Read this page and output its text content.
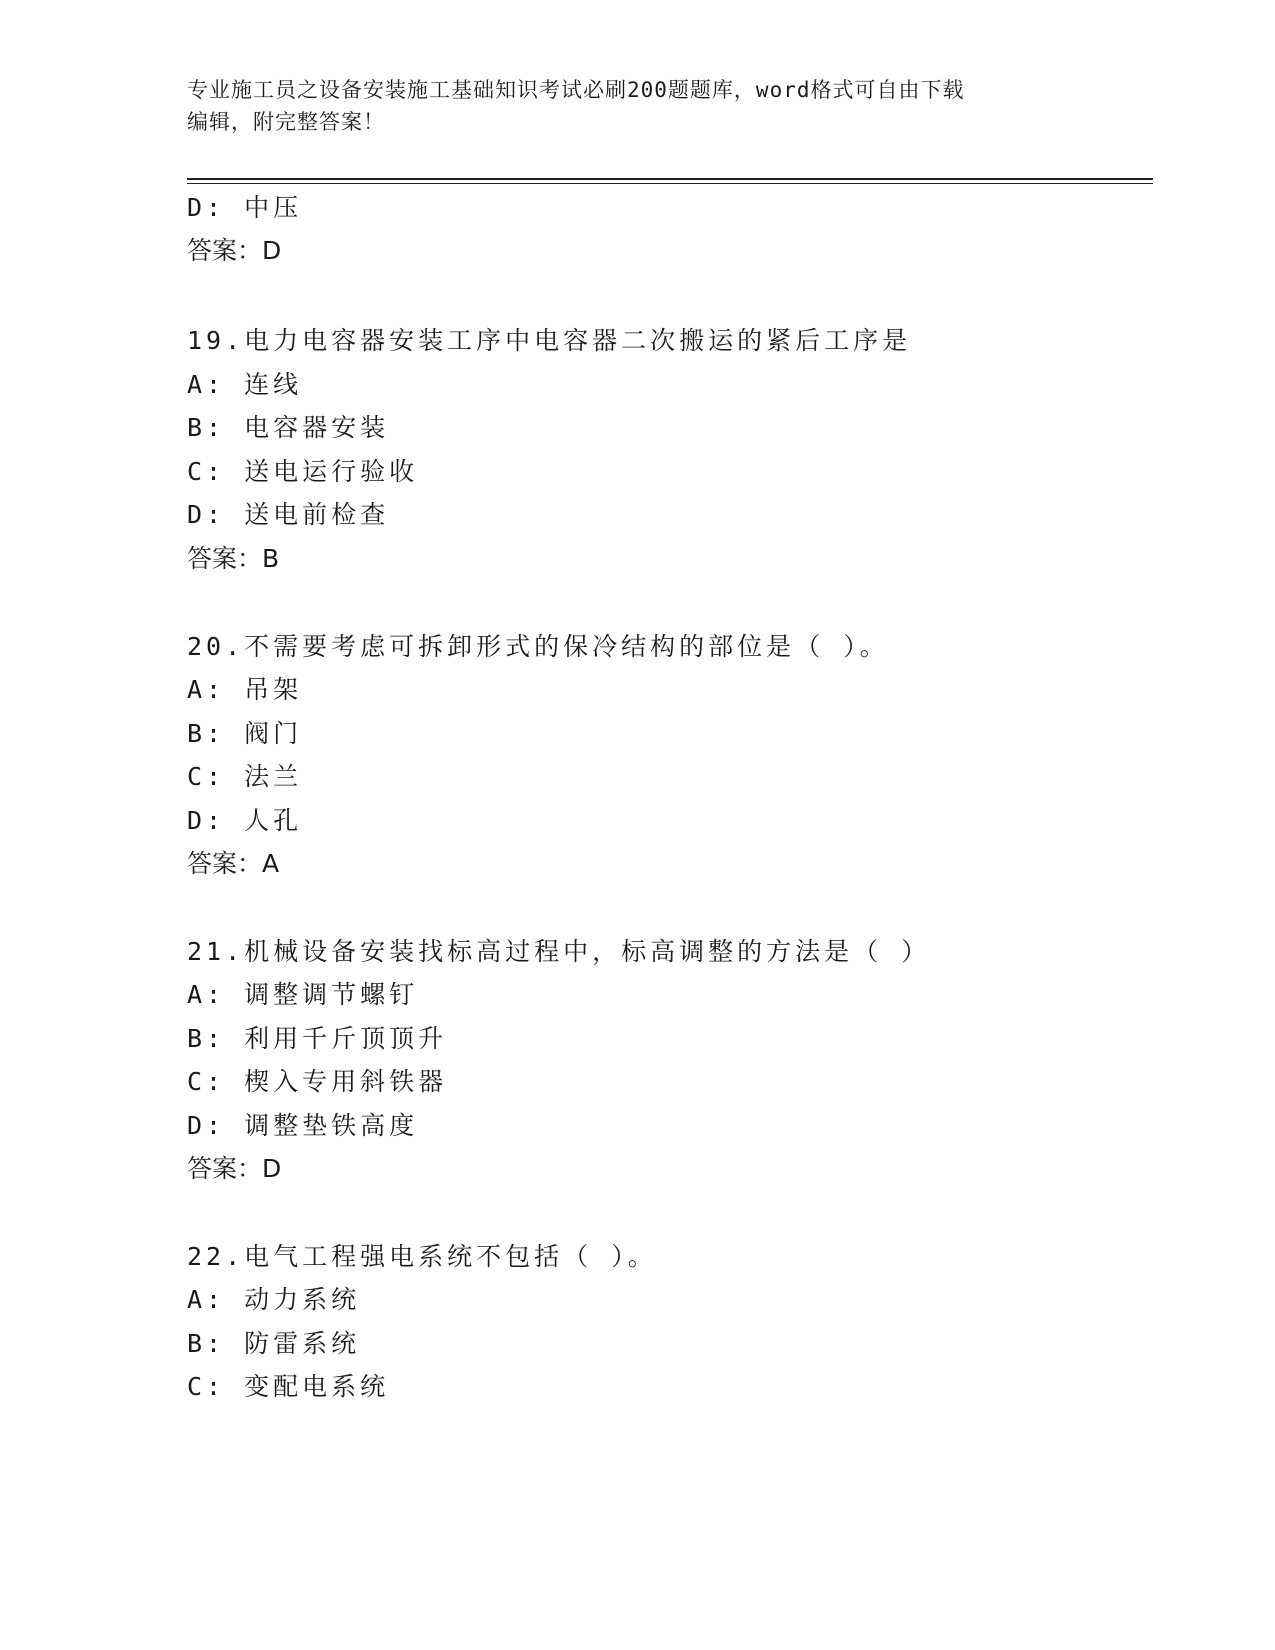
专业施工员之设备安装施工基础知识考试必刷200题题库，word格式可自由下载
编辑，附完整答案！
D: 中压
答案：D
19.电力电容器安装工序中电容器二次搬运的紧后工序是
A: 连线
B: 电容器安装
C: 送电运行验收
D: 送电前检查
答案：B
20.不需要考虑可拆卸形式的保冷结构的部位是（ ）。
A: 吊架
B: 阀门
C: 法兰
D: 人孔
答案：A
21.机械设备安装找标高过程中，标高调整的方法是（ ）
A: 调整调节螺钉
B: 利用千斤顶顶升
C: 楔入专用斜铁器
D: 调整垫铁高度
答案：D
22.电气工程强电系统不包括（ ）。
A: 动力系统
B: 防雷系统
C: 变配电系统
